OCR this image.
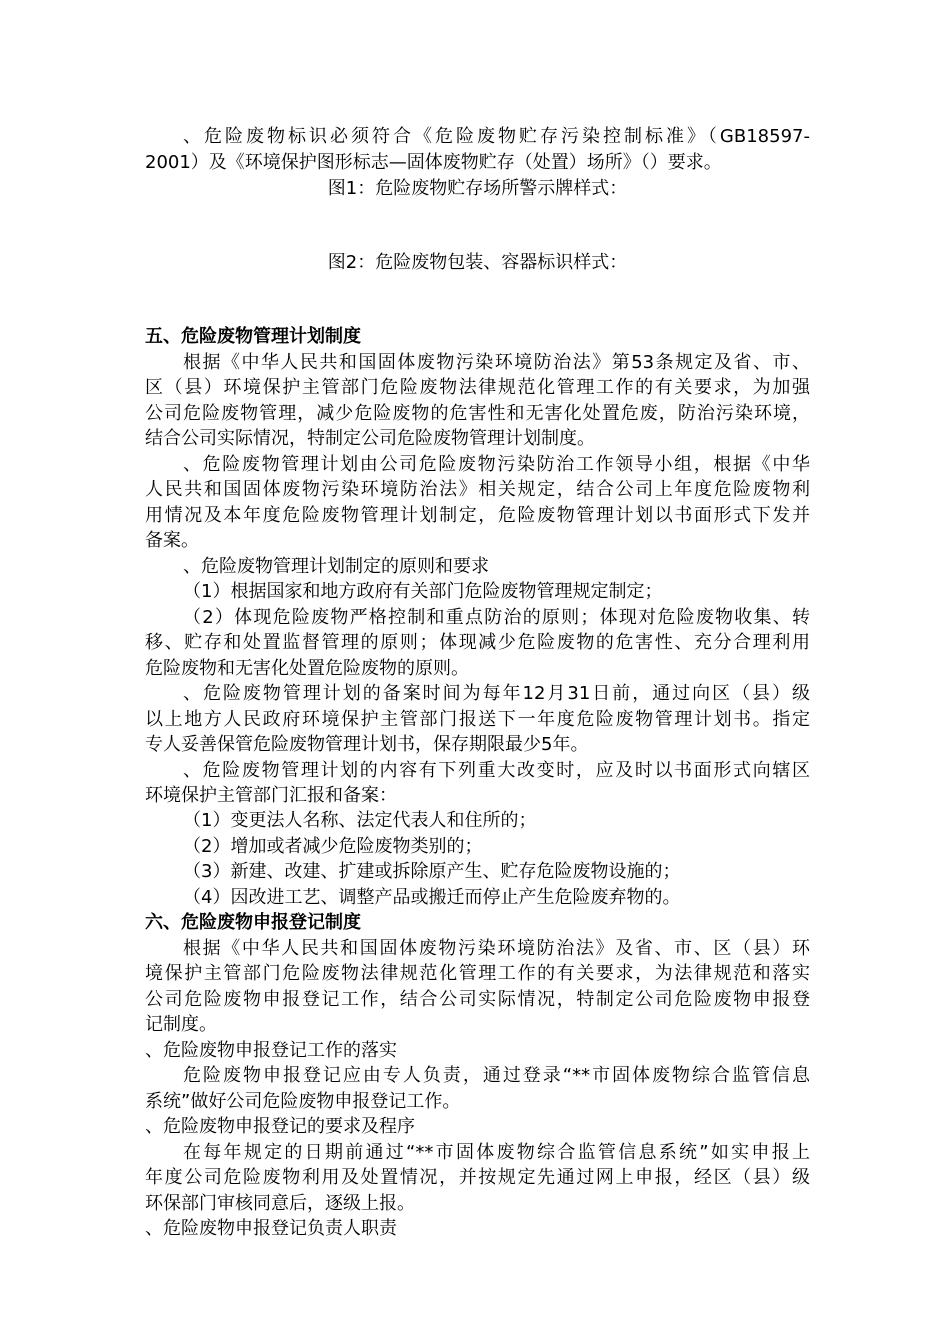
、危险废物标识必须符合《危险废物贮存污染控制标准》（GB18597-
2001）及《环境保护图形标志—固体废物贮存（处置）场所》（）要求。
图1：危险废物贮存场所警示牌样式：
图2：危险废物包装、容器标识样式：
五、危险废物管理计划制度
根据《中华人民共和国固体废物污染环境防治法》第53条规定及省、市、
区（县）环境保护主管部门危险废物法律规范化管理工作的有关要求，为加强
公司危险废物管理，减少危险废物的危害性和无害化处置危废，防治污染环境，
结合公司实际情况，特制定公司危险废物管理计划制度。
、危险废物管理计划由公司危险废物污染防治工作领导小组，根据《中华
人民共和国固体废物污染环境防治法》相关规定，结合公司上年度危险废物利
用情况及本年度危险废物管理计划制定，危险废物管理计划以书面形式下发并
备案。
、危险废物管理计划制定的原则和要求
（1）根据国家和地方政府有关部门危险废物管理规定制定；
（2）体现危险废物严格控制和重点防治的原则；体现对危险废物收集、转
移、贮存和处置监督管理的原则；体现减少危险废物的危害性、充分合理利用
危险废物和无害化处置危险废物的原则。
、危险废物管理计划的备案时间为每年12月31日前，通过向区（县）级
以上地方人民政府环境保护主管部门报送下一年度危险废物管理计划书。指定
专人妥善保管危险废物管理计划书，保存期限最少5年。
、危险废物管理计划的内容有下列重大改变时，应及时以书面形式向辖区
环境保护主管部门汇报和备案：
（1）变更法人名称、法定代表人和住所的；
（2）增加或者减少危险废物类别的；
（3）新建、改建、扩建或拆除原产生、贮存危险废物设施的；
（4）因改进工艺、调整产品或搬迁而停止产生危险废弃物的。
六、危险废物申报登记制度
根据《中华人民共和国固体废物污染环境防治法》及省、市、区（县）环
境保护主管部门危险废物法律规范化管理工作的有关要求，为法律规范和落实
公司危险废物申报登记工作，结合公司实际情况，特制定公司危险废物申报登
记制度。
、危险废物申报登记工作的落实
危险废物申报登记应由专人负责，通过登录“**市固体废物综合监管信息
系统”做好公司危险废物申报登记工作。
、危险废物申报登记的要求及程序
在每年规定的日期前通过“**市固体废物综合监管信息系统”如实申报上
年度公司危险废物利用及处置情况，并按规定先通过网上申报，经区（县）级
环保部门审核同意后，逐级上报。
、危险废物申报登记负责人职责
